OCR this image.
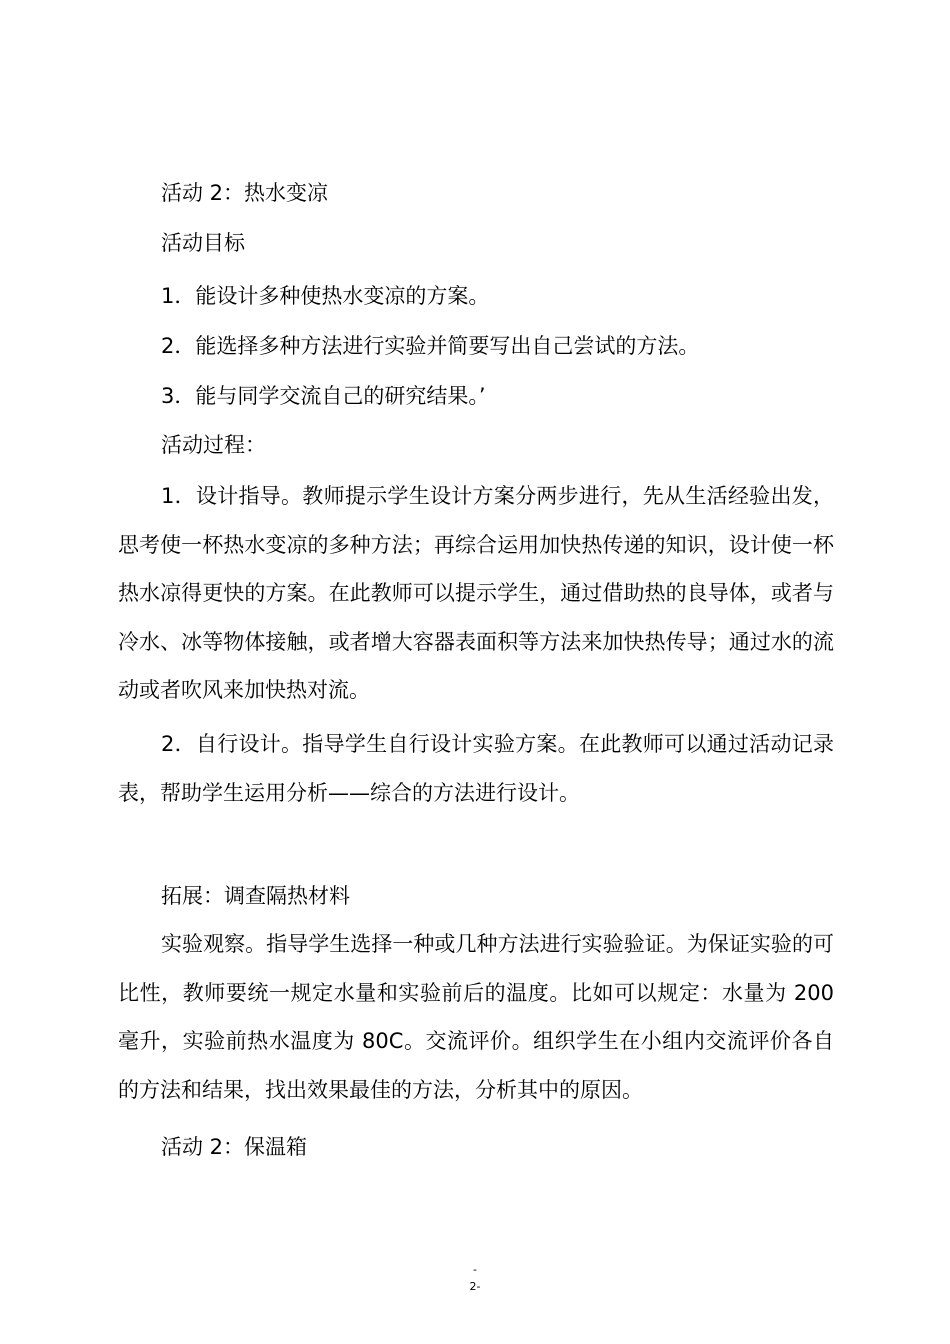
活动 2：热水变凉

活动目标

1．能设计多种使热水变凉的方案。

2．能选择多种方法进行实验并简要写出自己尝试的方法。

3．能与同学交流自己的研究结果。’

活动过程：

1．设计指导。教师提示学生设计方案分两步进行，先从生活经验出发，思考使一杯热水变凉的多种方法；再综合运用加快热传递的知识，设计使一杯热水凉得更快的方案。在此教师可以提示学生，通过借助热的良导体，或者与冷水、冰等物体接触，或者增大容器表面积等方法来加快热传导；通过水的流动或者吹风来加快热对流。

2．自行设计。指导学生自行设计实验方案。在此教师可以通过活动记录表，帮助学生运用分析——综合的方法进行设计。

拓展：调查隔热材料

实验观察。指导学生选择一种或几种方法进行实验验证。为保证实验的可比性，教师要统一规定水量和实验前后的温度。比如可以规定：水量为 200 毫升，实验前热水温度为 80C。交流评价。组织学生在小组内交流评价各自的方法和结果，找出效果最佳的方法，分析其中的原因。

活动 2：保温箱

-
2-
